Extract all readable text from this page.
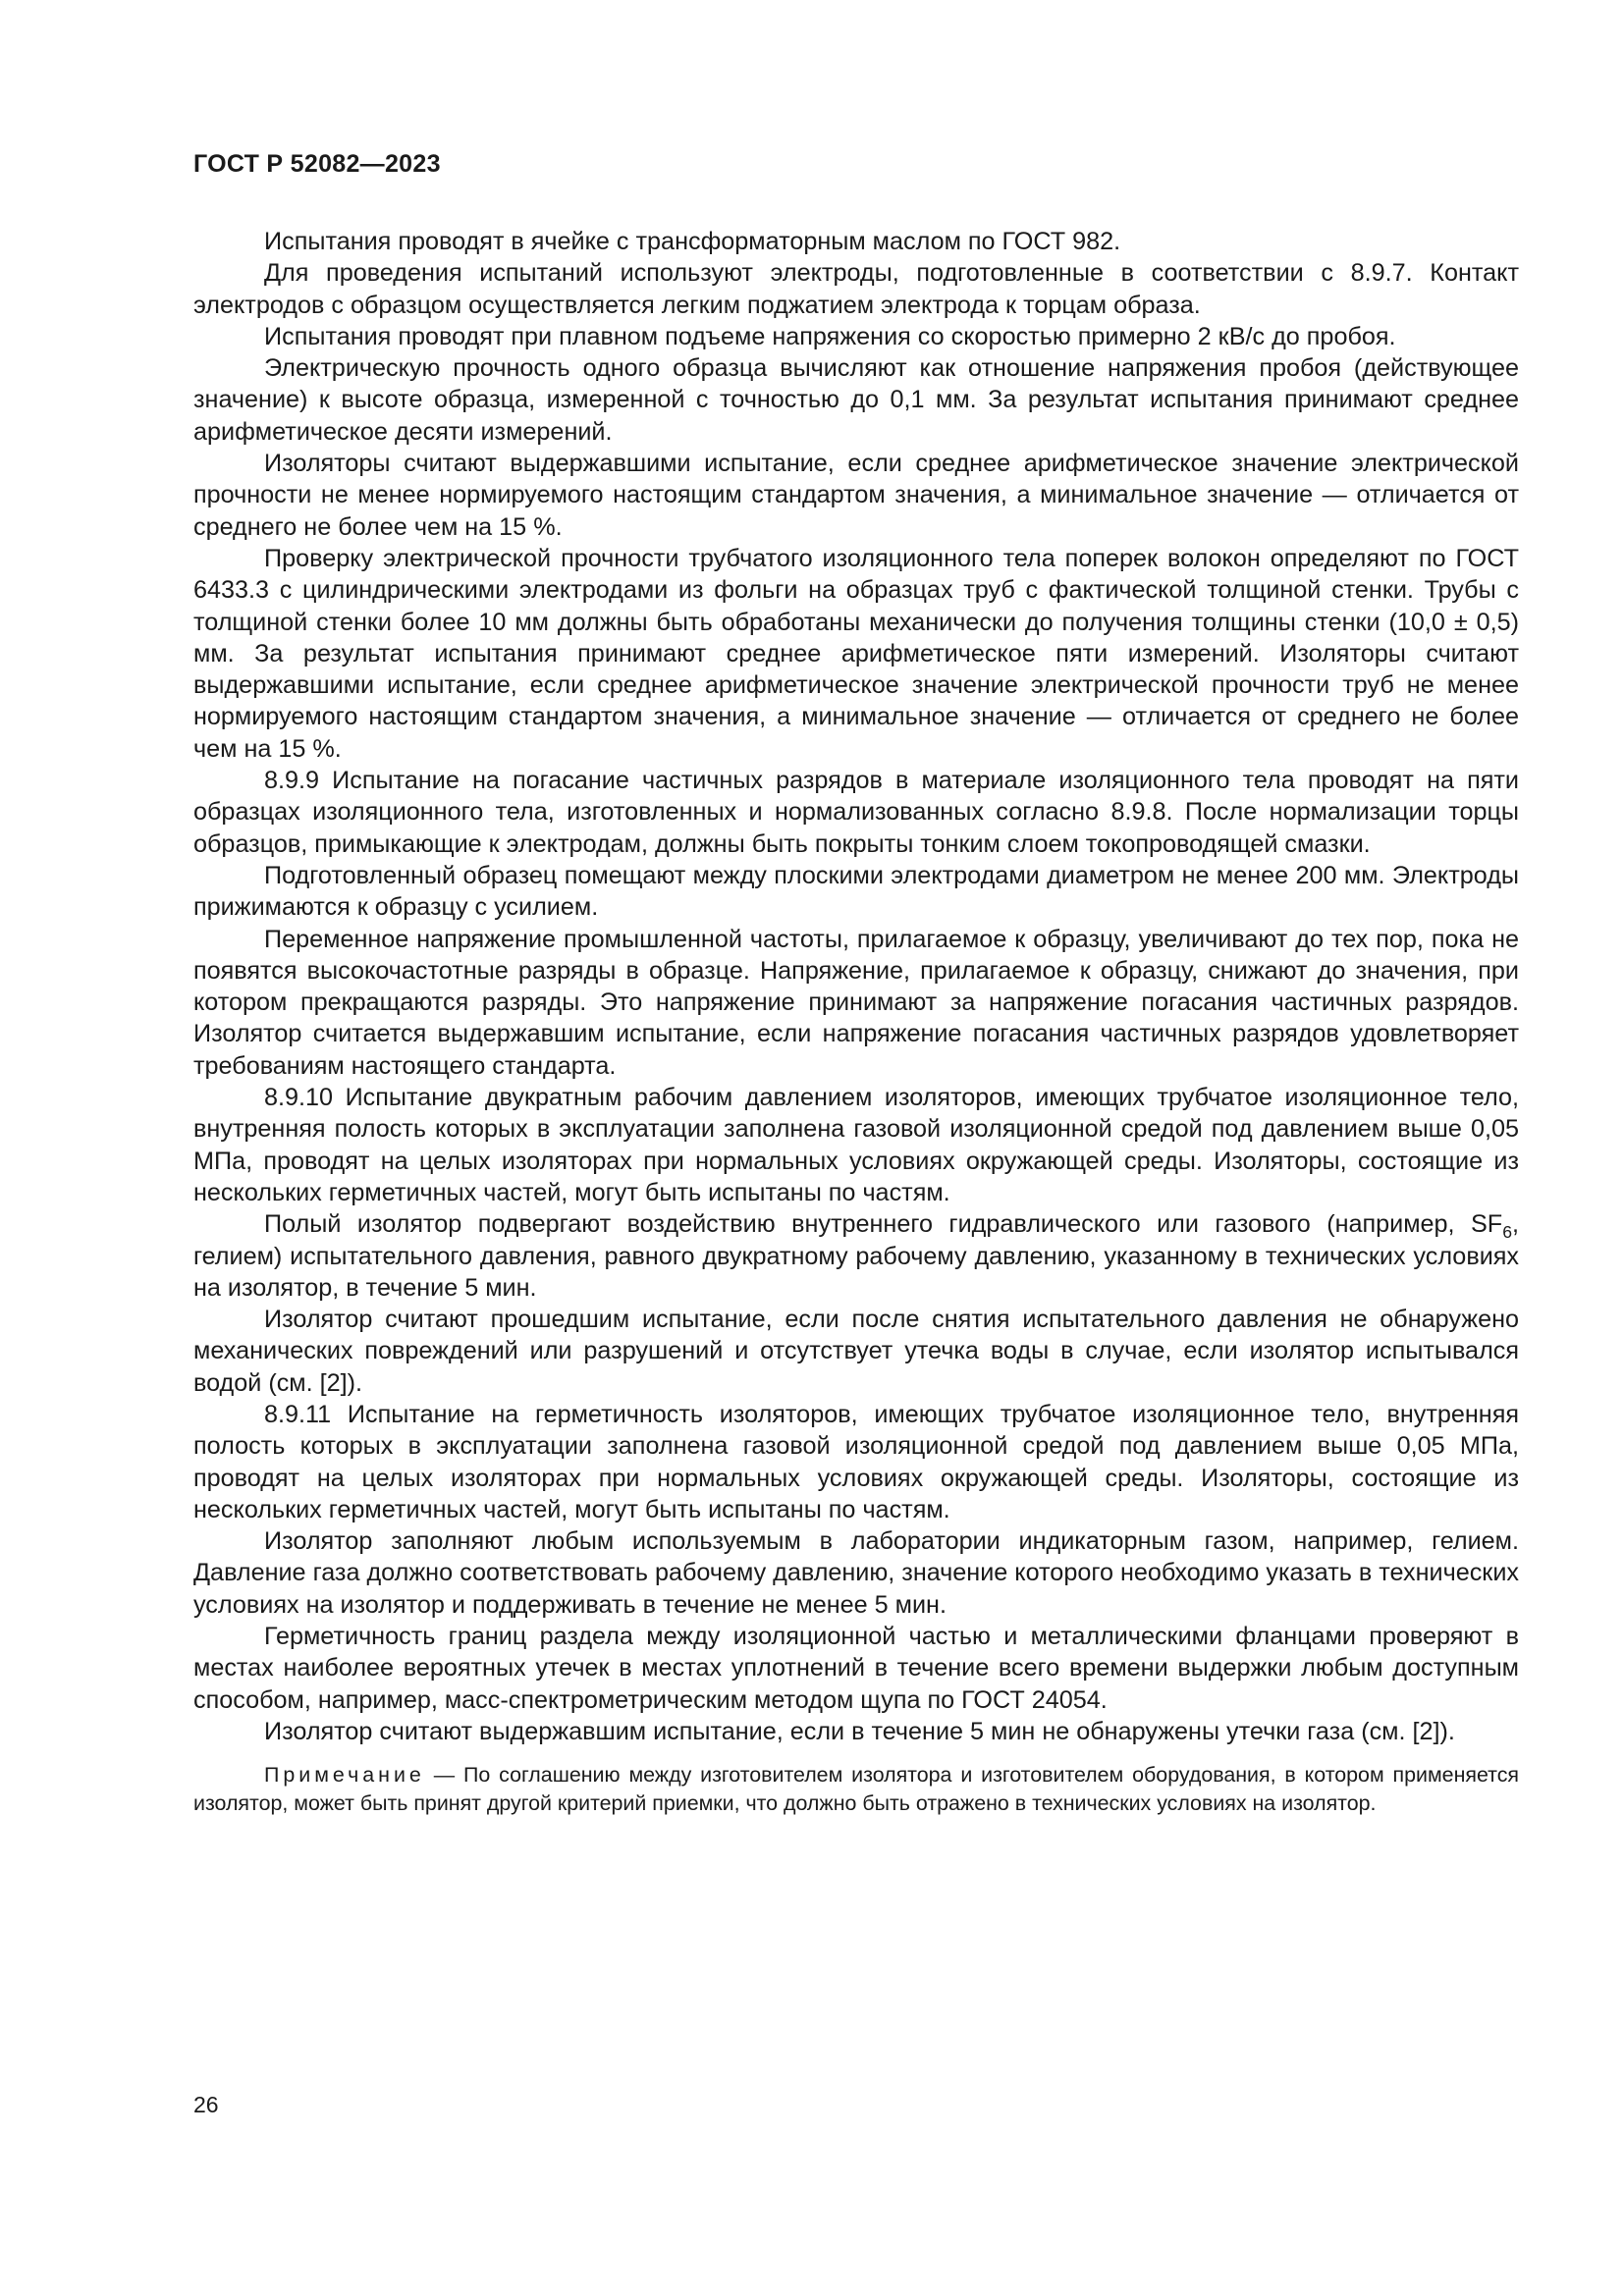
ГОСТ Р 52082—2023

Испытания проводят в ячейке с трансформаторным маслом по ГОСТ 982.

Для проведения испытаний используют электроды, подготовленные в соответствии с 8.9.7. Контакт электродов с образцом осуществляется легким поджатием электрода к торцам образа.

Испытания проводят при плавном подъеме напряжения со скоростью примерно 2 кВ/с до пробоя.

Электрическую прочность одного образца вычисляют как отношение напряжения пробоя (действующее значение) к высоте образца, измеренной с точностью до 0,1 мм. За результат испытания принимают среднее арифметическое десяти измерений.

Изоляторы считают выдержавшими испытание, если среднее арифметическое значение электрической прочности не менее нормируемого настоящим стандартом значения, а минимальное значение — отличается от среднего не более чем на 15 %.

Проверку электрической прочности трубчатого изоляционного тела поперек волокон определяют по ГОСТ 6433.3 с цилиндрическими электродами из фольги на образцах труб с фактической толщиной стенки. Трубы с толщиной стенки более 10 мм должны быть обработаны механически до получения толщины стенки (10,0 ± 0,5) мм. За результат испытания принимают среднее арифметическое пяти измерений. Изоляторы считают выдержавшими испытание, если среднее арифметическое значение электрической прочности труб не менее нормируемого настоящим стандартом значения, а минимальное значение — отличается от среднего не более чем на 15 %.

8.9.9 Испытание на погасание частичных разрядов в материале изоляционного тела проводят на пяти образцах изоляционного тела, изготовленных и нормализованных согласно 8.9.8. После нормализации торцы образцов, примыкающие к электродам, должны быть покрыты тонким слоем токопроводящей смазки.

Подготовленный образец помещают между плоскими электродами диаметром не менее 200 мм. Электроды прижимаются к образцу с усилием.

Переменное напряжение промышленной частоты, прилагаемое к образцу, увеличивают до тех пор, пока не появятся высокочастотные разряды в образце. Напряжение, прилагаемое к образцу, снижают до значения, при котором прекращаются разряды. Это напряжение принимают за напряжение погасания частичных разрядов. Изолятор считается выдержавшим испытание, если напряжение погасания частичных разрядов удовлетворяет требованиям настоящего стандарта.

8.9.10 Испытание двукратным рабочим давлением изоляторов, имеющих трубчатое изоляционное тело, внутренняя полость которых в эксплуатации заполнена газовой изоляционной средой под давлением выше 0,05 МПа, проводят на целых изоляторах при нормальных условиях окружающей среды. Изоляторы, состоящие из нескольких герметичных частей, могут быть испытаны по частям.

Полый изолятор подвергают воздействию внутреннего гидравлического или газового (например, $SF_6$, гелием) испытательного давления, равного двукратному рабочему давлению, указанному в технических условиях на изолятор, в течение 5 мин.

Изолятор считают прошедшим испытание, если после снятия испытательного давления не обнаружено механических повреждений или разрушений и отсутствует утечка воды в случае, если изолятор испытывался водой (см. [2]).

8.9.11 Испытание на герметичность изоляторов, имеющих трубчатое изоляционное тело, внутренняя полость которых в эксплуатации заполнена газовой изоляционной средой под давлением выше 0,05 МПа, проводят на целых изоляторах при нормальных условиях окружающей среды. Изоляторы, состоящие из нескольких герметичных частей, могут быть испытаны по частям.

Изолятор заполняют любым используемым в лаборатории индикаторным газом, например, гелием. Давление газа должно соответствовать рабочему давлению, значение которого необходимо указать в технических условиях на изолятор и поддерживать в течение не менее 5 мин.

Герметичность границ раздела между изоляционной частью и металлическими фланцами проверяют в местах наиболее вероятных утечек в местах уплотнений в течение всего времени выдержки любым доступным способом, например, масс-спектрометрическим методом щупа по ГОСТ 24054.

Изолятор считают выдержавшим испытание, если в течение 5 мин не обнаружены утечки газа (см. [2]).

Примечание — По соглашению между изготовителем изолятора и изготовителем оборудования, в котором применяется изолятор, может быть принят другой критерий приемки, что должно быть отражено в технических условиях на изолятор.

26
